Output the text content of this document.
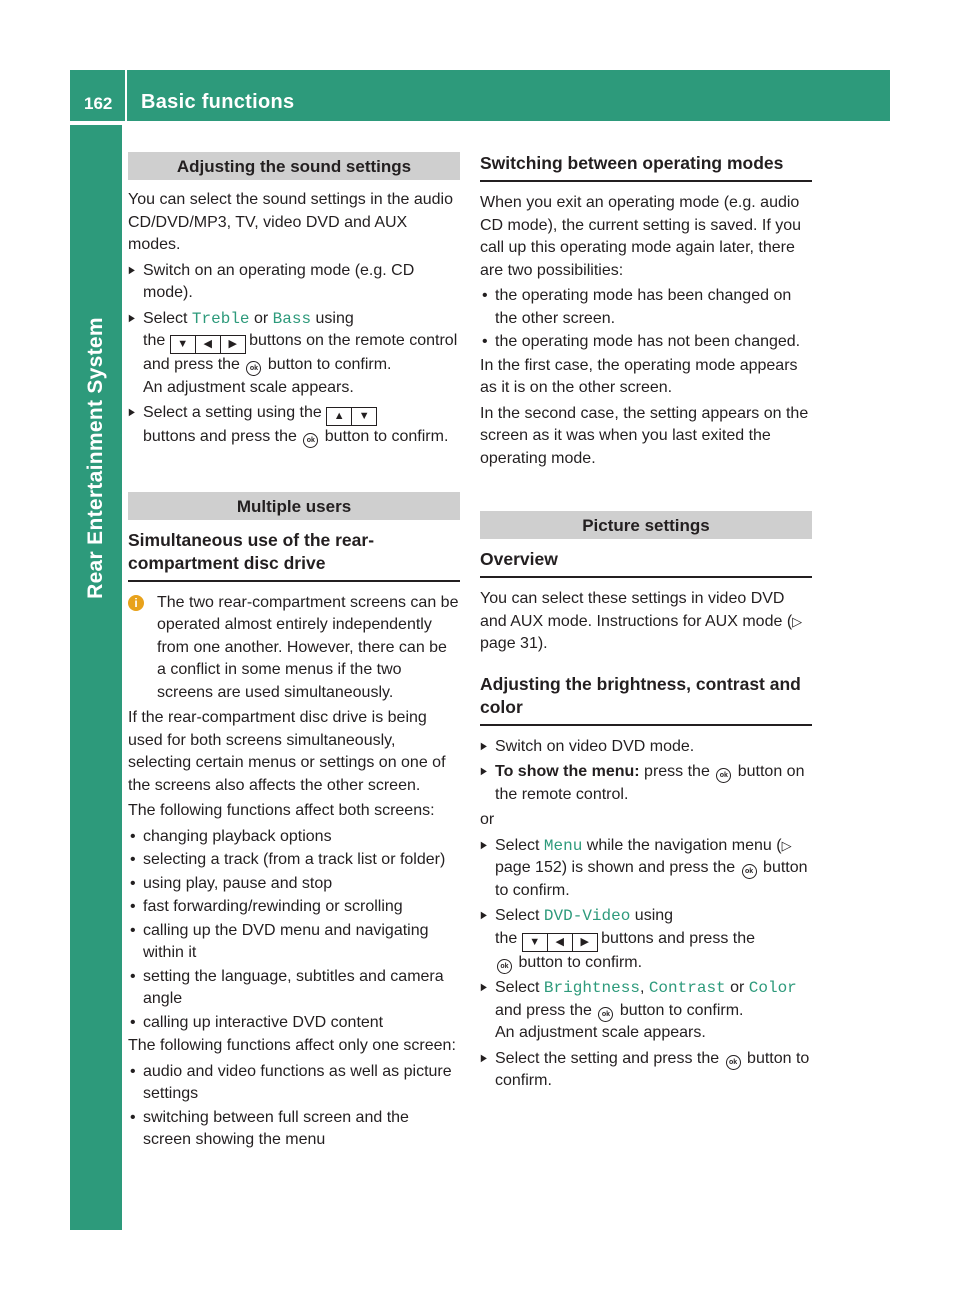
162 Basic functions
Rear Entertainment System
Adjusting the sound settings

You can select the sound settings in the audio CD/DVD/MP3, TV, video DVD and AUX modes.

▶ Switch on an operating mode (e.g. CD mode).
▶ Select Treble or Bass using
the ▼ ◀ ▶ buttons on the remote control and press the ok button to confirm.
An adjustment scale appears.
▶ Select a setting using the ▲ ▼
buttons and press the ok button to confirm.
Multiple users
Simultaneous use of the rear-compartment disc drive
i	The two rear-compartment screens can be operated almost entirely independently from one another. However, there can be a conflict in some menus if the two screens are used simultaneously.

If the rear-compartment disc drive is being used for both screens simultaneously, selecting certain menus or settings on one of the screens also affects the other screen.

The following functions affect both screens:

• changing playback options
• selecting a track (from a track list or folder)
• using play, pause and stop
• fast forwarding/rewinding or scrolling
• calling up the DVD menu and navigating within it
• setting the language, subtitles and camera angle
• calling up interactive DVD content

The following functions affect only one screen:

• audio and video functions as well as picture settings
• switching between full screen and the screen showing the menu
Switching between operating modes

When you exit an operating mode (e.g. audio CD mode), the current setting is saved. If you call up this operating mode again later, there are two possibilities:

• the operating mode has been changed on the other screen.
• the operating mode has not been changed.

In the first case, the operating mode appears as it is on the other screen.

In the second case, the setting appears on the screen as it was when you last exited the operating mode.

Picture settings
Overview

You can select these settings in video DVD and AUX mode. Instructions for AUX mode (▷ page 31).

Adjusting the brightness, contrast and color
▶ Switch on video DVD mode.
▶ To show the menu: press the ok button on the remote control.

or

▶ Select Menu while the navigation menu (▷ page 152) is shown and press the ok button to confirm.
▶ Select DVD-Video using
the ▼ ◀ ▶ buttons and press the
ok button to confirm.
▶ Select Brightness, Contrast or Color
and press the ok button to confirm.
An adjustment scale appears.
▶ Select the setting and press the ok button to confirm.
